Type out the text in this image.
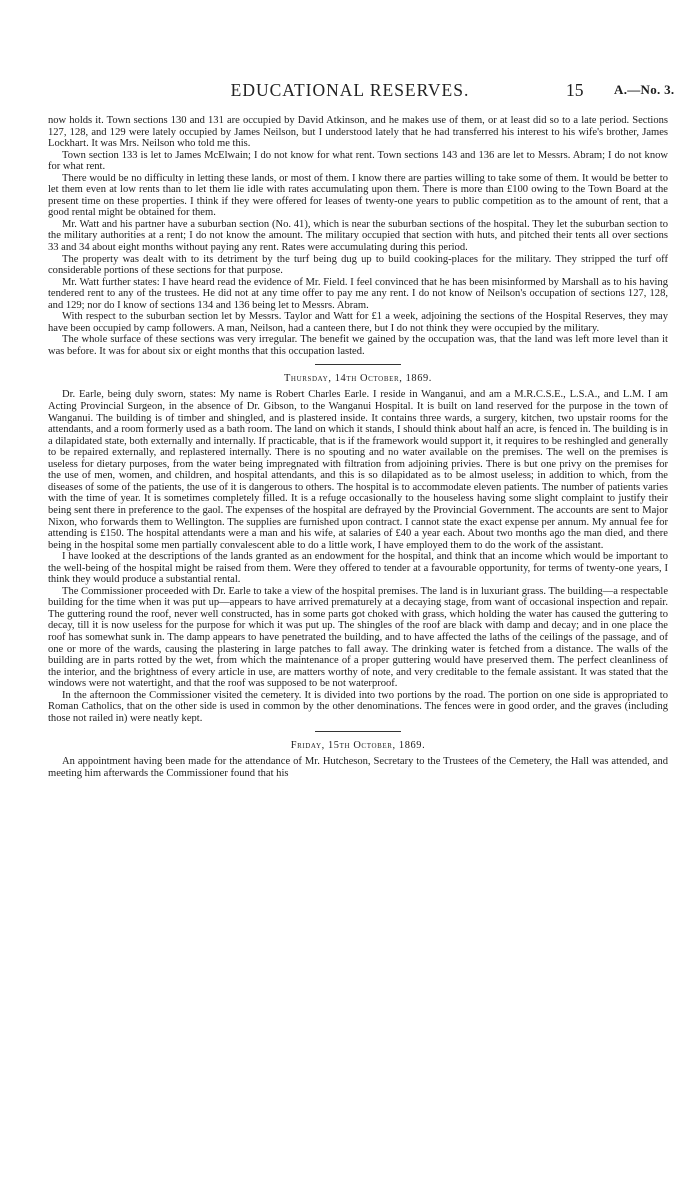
EDUCATIONAL RESERVES.	15 A.—No. 3.

now holds it. Town sections 130 and 131 are occupied by David Atkinson, and he makes use of them, or at least did so to a late period. Sections 127, 128, and 129 were lately occupied by James Neilson, but I understood lately that he had transferred his interest to his wife's brother, James Lockhart. It was Mrs. Neilson who told me this.

Town section 133 is let to James McElwain; I do not know for what rent. Town sections 143 and 136 are let to Messrs. Abram; I do not know for what rent.

There would be no difficulty in letting these lands, or most of them. I know there are parties willing to take some of them. It would be better to let them even at low rents than to let them lie idle with rates accumulating upon them. There is more than £100 owing to the Town Board at the present time on these properties. I think if they were offered for leases of twenty-one years to public competition as to the amount of rent, that a good rental might be obtained for them.

Mr. Watt and his partner have a suburban section (No. 41), which is near the suburban sections of the hospital. They let the suburban section to the military authorities at a rent; I do not know the amount. The military occupied that section with huts, and pitched their tents all over sections 33 and 34 about eight months without paying any rent. Rates were accumulating during this period.

The property was dealt with to its detriment by the turf being dug up to build cooking-places for the military. They stripped the turf off considerable portions of these sections for that purpose.

Mr. Watt further states: I have heard read the evidence of Mr. Field. I feel convinced that he has been misinformed by Marshall as to his having tendered rent to any of the trustees. He did not at any time offer to pay me any rent. I do not know of Neilson's occupation of sections 127, 128, and 129; nor do I know of sections 134 and 136 being let to Messrs. Abram.

With respect to the suburban section let by Messrs. Taylor and Watt for £1 a week, adjoining the sections of the Hospital Reserves, they may have been occupied by camp followers. A man, Neilson, had a canteen there, but I do not think they were occupied by the military.

The whole surface of these sections was very irregular. The benefit we gained by the occupation was, that the land was left more level than it was before. It was for about six or eight months that this occupation lasted.

Thursday, 14th October, 1869.

Dr. Earle, being duly sworn, states: My name is Robert Charles Earle. I reside in Wanganui, and am a M.R.C.S.E., L.S.A., and L.M. I am Acting Provincial Surgeon, in the absence of Dr. Gibson, to the Wanganui Hospital. It is built on land reserved for the purpose in the town of Wanganui. The building is of timber and shingled, and is plastered inside. It contains three wards, a surgery, kitchen, two upstair rooms for the attendants, and a room formerly used as a bath room. The land on which it stands, I should think about half an acre, is fenced in. The building is in a dilapidated state, both externally and internally. If practicable, that is if the framework would support it, it requires to be reshingled and generally to be repaired externally, and replastered internally. There is no spouting and no water available on the premises. The well on the premises is useless for dietary purposes, from the water being impregnated with filtration from adjoining privies. There is but one privy on the premises for the use of men, women, and children, and hospital attendants, and this is so dilapidated as to be almost useless; in addition to which, from the diseases of some of the patients, the use of it is dangerous to others. The hospital is to accommodate eleven patients. The number of patients varies with the time of year. It is sometimes completely filled. It is a refuge occasionally to the houseless having some slight complaint to justify their being sent there in preference to the gaol. The expenses of the hospital are defrayed by the Provincial Government. The accounts are sent to Major Nixon, who forwards them to Wellington. The supplies are furnished upon contract. I cannot state the exact expense per annum. My annual fee for attending is £150. The hospital attendants were a man and his wife, at salaries of £40 a year each. About two months ago the man died, and there being in the hospital some men partially convalescent able to do a little work, I have employed them to do the work of the assistant.

I have looked at the descriptions of the lands granted as an endowment for the hospital, and think that an income which would be important to the well-being of the hospital might be raised from them. Were they offered to tender at a favourable opportunity, for terms of twenty-one years, I think they would produce a substantial rental.

The Commissioner proceeded with Dr. Earle to take a view of the hospital premises. The land is in luxuriant grass. The building—a respectable building for the time when it was put up—appears to have arrived prematurely at a decaying stage, from want of occasional inspection and repair. The guttering round the roof, never well constructed, has in some parts got choked with grass, which holding the water has caused the guttering to decay, till it is now useless for the purpose for which it was put up. The shingles of the roof are black with damp and decay; and in one place the roof has somewhat sunk in. The damp appears to have penetrated the building, and to have affected the laths of the ceilings of the passage, and of one or more of the wards, causing the plastering in large patches to fall away. The drinking water is fetched from a distance. The walls of the building are in parts rotted by the wet, from which the maintenance of a proper guttering would have preserved them. The perfect cleanliness of the interior, and the brightness of every article in use, are matters worthy of note, and very creditable to the female assistant. It was stated that the windows were not watertight, and that the roof was supposed to be not waterproof.

In the afternoon the Commissioner visited the cemetery. It is divided into two portions by the road. The portion on one side is appropriated to Roman Catholics, that on the other side is used in common by the other denominations. The fences were in good order, and the graves (including those not railed in) were neatly kept.

Friday, 15th October, 1869.

An appointment having been made for the attendance of Mr. Hutcheson, Secretary to the Trustees of the Cemetery, the Hall was attended, and meeting him afterwards the Commissioner found that his
